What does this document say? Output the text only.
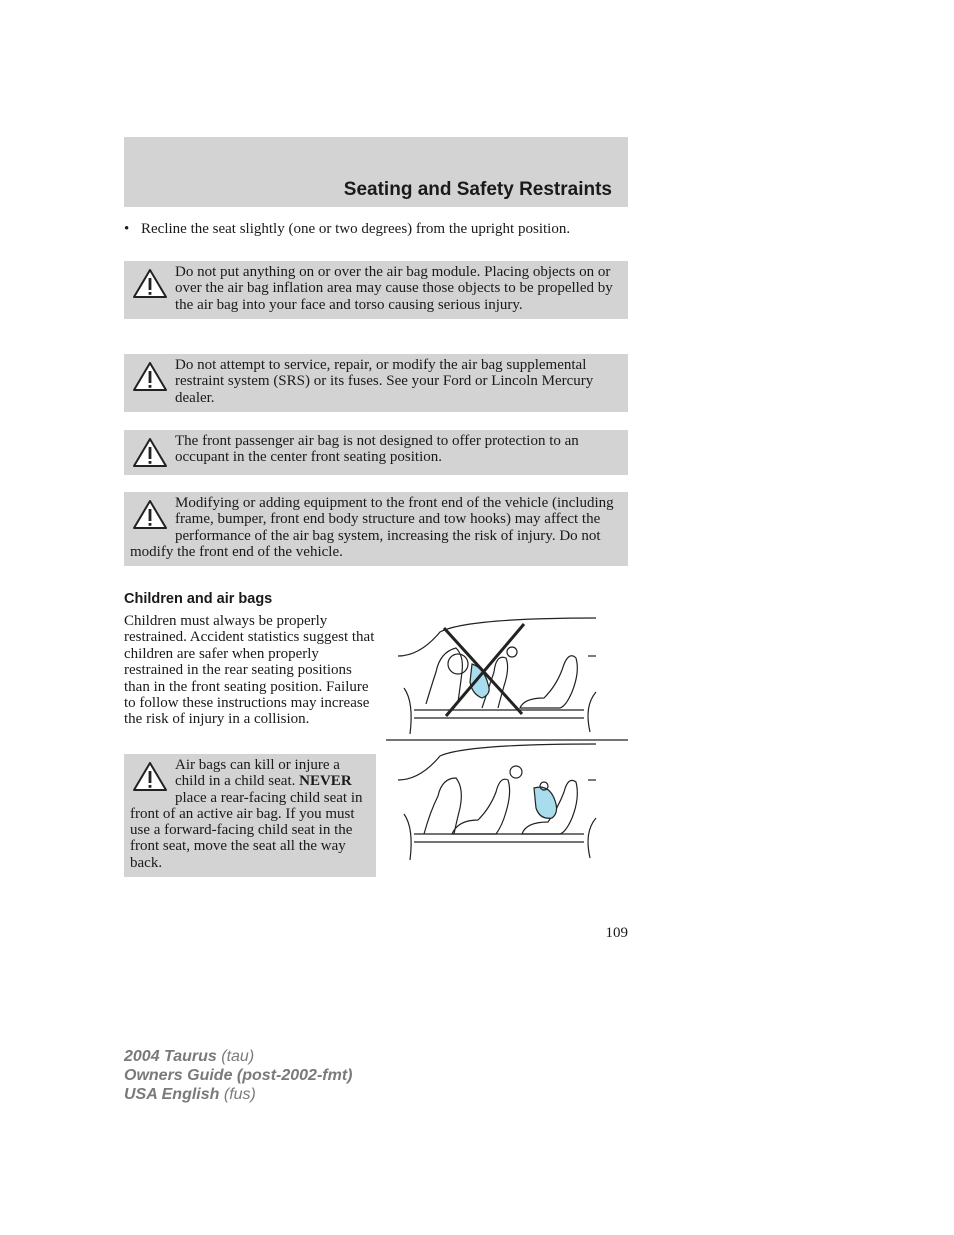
Seating and Safety Restraints
• Recline the seat slightly (one or two degrees) from the upright position.
Do not put anything on or over the air bag module. Placing objects on or over the air bag inflation area may cause those objects to be propelled by the air bag into your face and torso causing serious injury.
Do not attempt to service, repair, or modify the air bag supplemental restraint system (SRS) or its fuses. See your Ford or Lincoln Mercury dealer.
The front passenger air bag is not designed to offer protection to an occupant in the center front seating position.
Modifying or adding equipment to the front end of the vehicle (including frame, bumper, front end body structure and tow hooks) may affect the performance of the air bag system, increasing the risk of injury. Do not modify the front end of the vehicle.
Children and air bags
Children must always be properly restrained. Accident statistics suggest that children are safer when properly restrained in the rear seating positions than in the front seating position. Failure to follow these instructions may increase the risk of injury in a collision.
Air bags can kill or injure a child in a child seat. NEVER place a rear-facing child seat in front of an active air bag. If you must use a forward-facing child seat in the front seat, move the seat all the way back.
109
2004 Taurus (tau)
Owners Guide (post-2002-fmt)
USA English (fus)
